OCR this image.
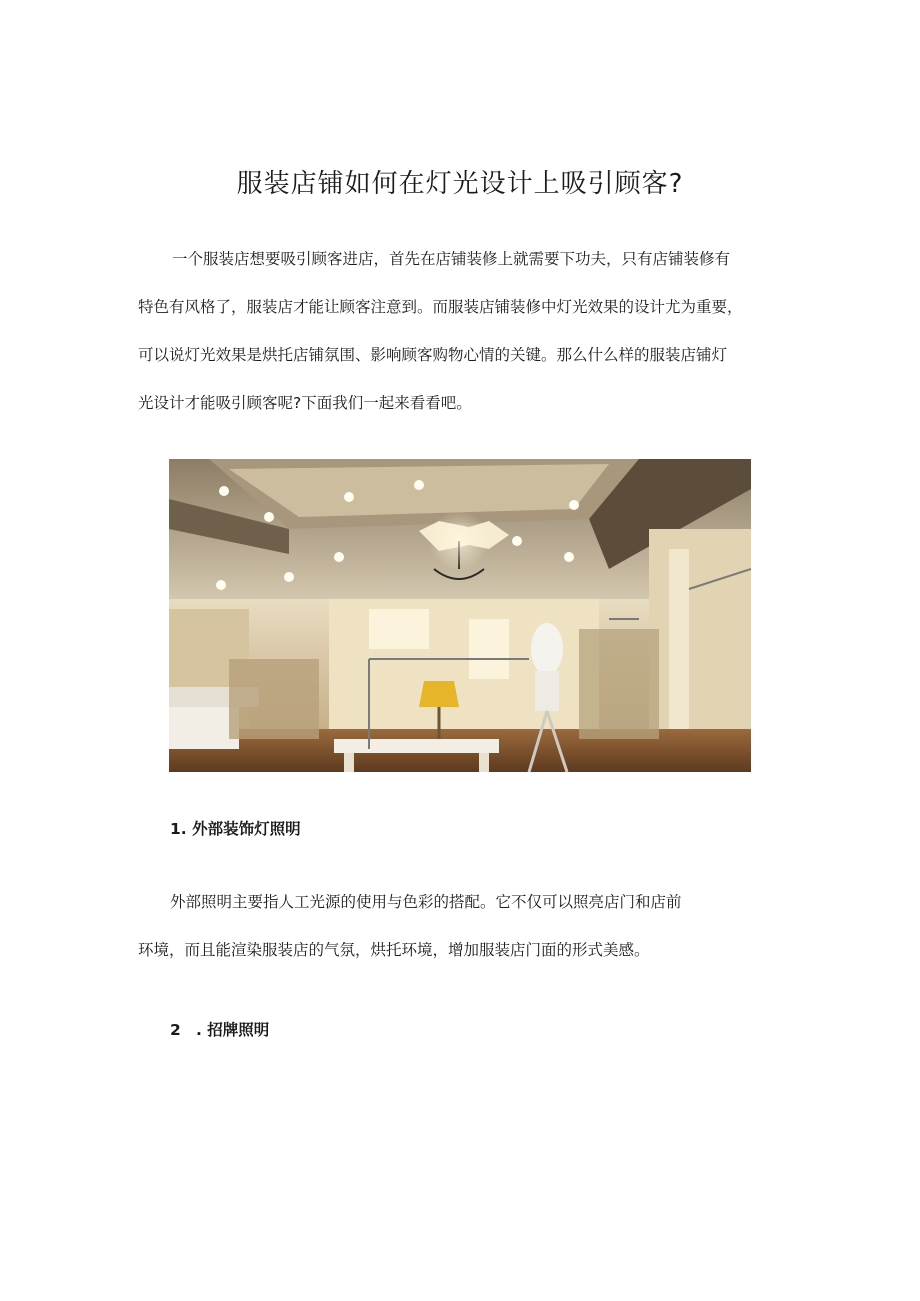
服装店铺如何在灯光设计上吸引顾客?

一个服装店想要吸引顾客进店，首先在店铺装修上就需要下功夫，只有店铺装修有
特色有风格了，服装店才能让顾客注意到。而服装店铺装修中灯光效果的设计尤为重要，
可以说灯光效果是烘托店铺氛围、影响顾客购物心情的关键。那么什么样的服装店铺灯
光设计才能吸引顾客呢?下面我们一起来看看吧。

1. 外部装饰灯照明

外部照明主要指人工光源的使用与色彩的搭配。它不仅可以照亮店门和店前
环境，而且能渲染服装店的气氛，烘托环境，增加服装店门面的形式美感。

2 . 招牌照明
